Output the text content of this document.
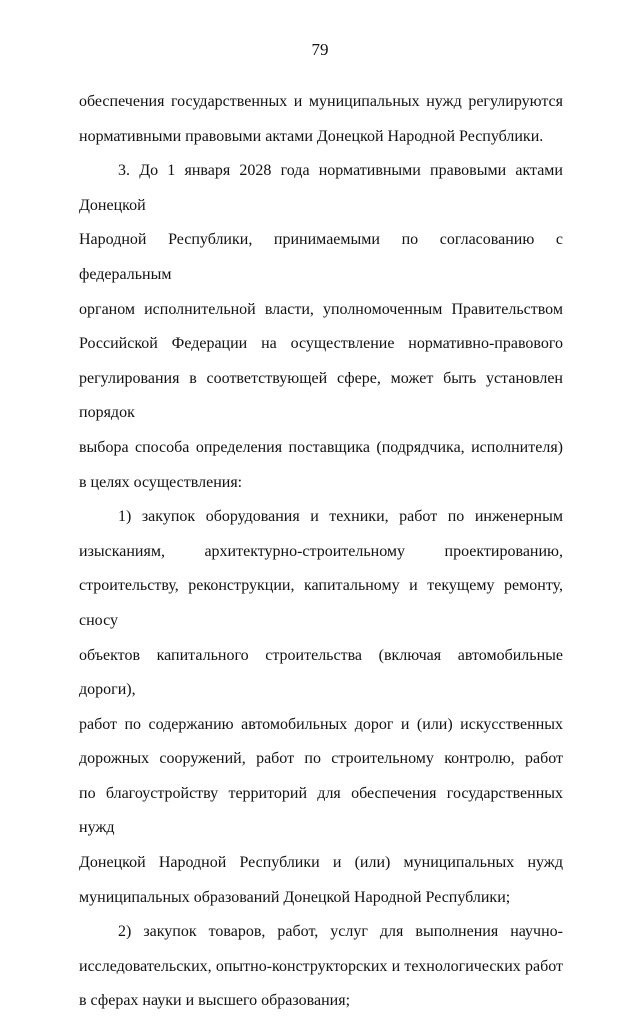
79

обеспечения государственных и муниципальных нужд регулируются

нормативными правовыми актами Донецкой Народной Республики.

3. До 1 января 2028 года нормативными правовыми актами Донецкой

Народной Республики, принимаемыми по согласованию с федеральным

органом исполнительной власти, уполномоченным Правительством

Российской Федерации на осуществление нормативно-правового

регулирования в соответствующей сфере, может быть установлен порядок

выбора способа определения поставщика (подрядчика, исполнителя)

в целях осуществления:

1) закупок оборудования и техники, работ по инженерным

изысканиям, архитектурно-строительному проектированию,

строительству, реконструкции, капитальному и текущему ремонту, сносу

объектов капитального строительства (включая автомобильные дороги),

работ по содержанию автомобильных дорог и (или) искусственных

дорожных сооружений, работ по строительному контролю, работ

по благоустройству территорий для обеспечения государственных нужд

Донецкой Народной Республики и (или) муниципальных нужд

муниципальных образований Донецкой Народной Республики;

2) закупок товаров, работ, услуг для выполнения научно-

исследовательских, опытно-конструкторских и технологических работ

в сферах науки и высшего образования;
